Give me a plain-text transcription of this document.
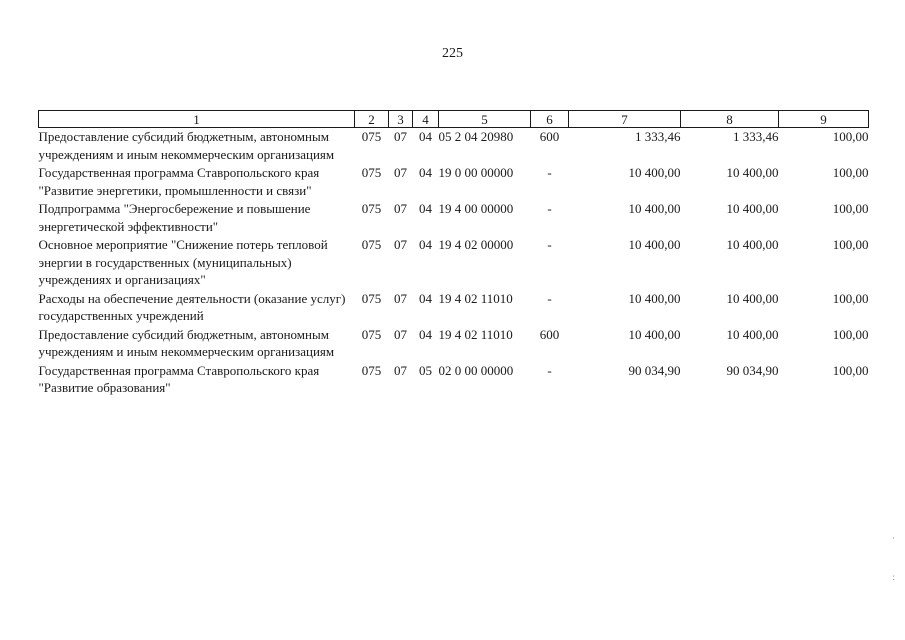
225
1	2	3	4	5	6	7	8	9
Предоставление субсидий бюджетным, автономным учреждениям и иным некоммерческим организациям	075	07	04	05 2 04 20980	600	1 333,46	1 333,46	100,00
Государственная программа Ставропольского края "Развитие энергетики, промышленности и связи"	075	07	04	19 0 00 00000	-	10 400,00	10 400,00	100,00
Подпрограмма "Энергосбережение и повышение энергетической эффективности"	075	07	04	19 4 00 00000	-	10 400,00	10 400,00	100,00
Основное мероприятие "Снижение потерь тепловой энергии в государственных (муниципальных) учреждениях и организациях"	075	07	04	19 4 02 00000	-	10 400,00	10 400,00	100,00
Расходы на обеспечение деятельности (оказание услуг) государственных учреждений	075	07	04	19 4 02 11010	-	10 400,00	10 400,00	100,00
Предоставление субсидий бюджетным, автономным учреждениям и иным некоммерческим организациям	075	07	04	19 4 02 11010	600	10 400,00	10 400,00	100,00
Государственная программа Ставропольского края "Развитие образования"	075	07	05	02 0 00 00000	-	90 034,90	90 034,90	100,00
·
:
